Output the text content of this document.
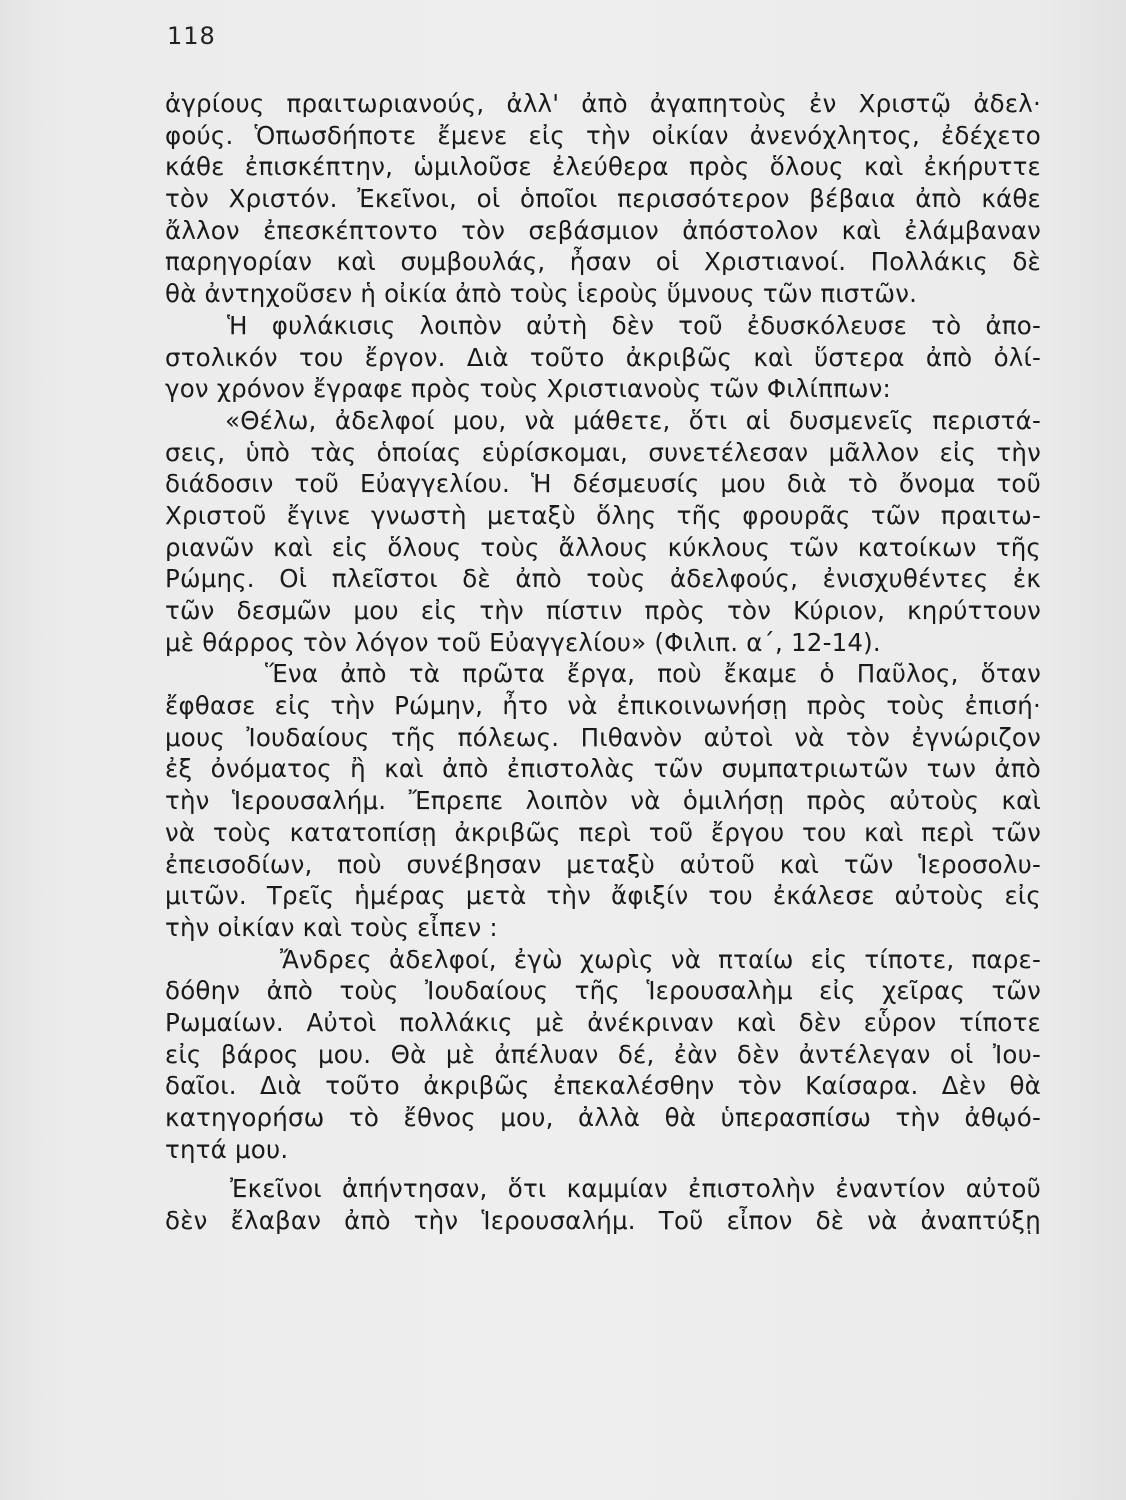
118
ἀγρίους πραιτωριανούς, ἀλλ' ἀπὸ ἀγαπητοὺς ἐν Χριστῷ ἀδελ·
φούς. Ὁπωσδήποτε ἔμενε εἰς τὴν οἰκίαν ἀνενόχλητος, ἐδέχετο
κάθε ἐπισκέπτην, ὡμιλοῦσε ἐλεύθερα πρὸς ὅλους καὶ ἐκήρυττε
τὸν Χριστόν. Ἐκεῖνοι, οἱ ὁποῖοι περισσότερον βέβαια ἀπὸ κάθε
ἄλλον ἐπεσκέπτοντο τὸν σεβάσμιον ἀπόστολον καὶ ἐλάμβαναν
παρηγορίαν καὶ συμβουλάς, ἦσαν οἱ Χριστιανοί. Πολλάκις δὲ
θὰ ἀντηχοῦσεν ἡ οἰκία ἀπὸ τοὺς ἱεροὺς ὕμνους τῶν πιστῶν.
Ἡ φυλάκισις λοιπὸν αὐτὴ δὲν τοῦ ἐδυσκόλευσε τὸ ἀπο-
στολικόν του ἔργον. Διὰ τοῦτο ἀκριβῶς καὶ ὕστερα ἀπὸ ὀλί-
γον χρόνον ἔγραφε πρὸς τοὺς Χριστιανοὺς τῶν Φιλίππων:
«Θέλω, ἀδελφοί μου, νὰ μάθετε, ὅτι αἱ δυσμενεῖς περιστά-
σεις, ὑπὸ τὰς ὁποίας εὑρίσκομαι, συνετέλεσαν μᾶλλον εἰς τὴν
διάδοσιν τοῦ Εὐαγγελίου. Ἡ δέσμευσίς μου διὰ τὸ ὄνομα τοῦ
Χριστοῦ ἔγινε γνωστὴ μεταξὺ ὅλης τῆς φρουρᾶς τῶν πραιτω-
ριανῶν καὶ εἰς ὅλους τοὺς ἄλλους κύκλους τῶν κατοίκων τῆς
Ρώμης. Οἱ πλεῖστοι δὲ ἀπὸ τοὺς ἀδελφούς, ἐνισχυθέντες ἐκ
τῶν δεσμῶν μου εἰς τὴν πίστιν πρὸς τὸν Κύριον, κηρύττουν
μὲ θάρρος τὸν λόγον τοῦ Εὐαγγελίου» (Φιλιπ. α΄, 12-14).
Ἕνα ἀπὸ τὰ πρῶτα ἔργα, ποὺ ἔκαμε ὁ Παῦλος, ὅταν
ἔφθασε εἰς τὴν Ρώμην, ἦτο νὰ ἐπικοινωνήσῃ πρὸς τοὺς ἐπισή·
μους Ἰουδαίους τῆς πόλεως. Πιθανὸν αὐτοὶ νὰ τὸν ἐγνώριζον
ἐξ ὀνόματος ἢ καὶ ἀπὸ ἐπιστολὰς τῶν συμπατριωτῶν των ἀπὸ
τὴν Ἱερουσαλήμ. Ἔπρεπε λοιπὸν νὰ ὁμιλήσῃ πρὸς αὐτοὺς καὶ
νὰ τοὺς κατατοπίσῃ ἀκριβῶς περὶ τοῦ ἔργου του καὶ περὶ τῶν
ἐπεισοδίων, ποὺ συνέβησαν μεταξὺ αὐτοῦ καὶ τῶν Ἱεροσολυ-
μιτῶν. Τρεῖς ἡμέρας μετὰ τὴν ἄφιξίν του ἐκάλεσε αὐτοὺς εἰς
τὴν οἰκίαν καὶ τοὺς εἶπεν :
Ἄνδρες ἀδελφοί, ἐγὼ χωρὶς νὰ πταίω εἰς τίποτε, παρε-
δόθην ἀπὸ τοὺς Ἰουδαίους τῆς Ἱερουσαλὴμ εἰς χεῖρας τῶν
Ρωμαίων. Αὐτοὶ πολλάκις μὲ ἀνέκριναν καὶ δὲν εὗρον τίποτε
εἰς βάρος μου. Θὰ μὲ ἀπέλυαν δέ, ἐὰν δὲν ἀντέλεγαν οἱ Ἰου-
δαῖοι. Διὰ τοῦτο ἀκριβῶς ἐπεκαλέσθην τὸν Καίσαρα. Δὲν θὰ
κατηγορήσω τὸ ἔθνος μου, ἀλλὰ θὰ ὑπερασπίσω τὴν ἀθῳό-
τητά μου.
Ἐκεῖνοι ἀπήντησαν, ὅτι καμμίαν ἐπιστολὴν ἐναντίον αὐτοῦ
δὲν ἔλαβαν ἀπὸ τὴν Ἱερουσαλήμ. Τοῦ εἶπον δὲ νὰ ἀναπτύξῃ
